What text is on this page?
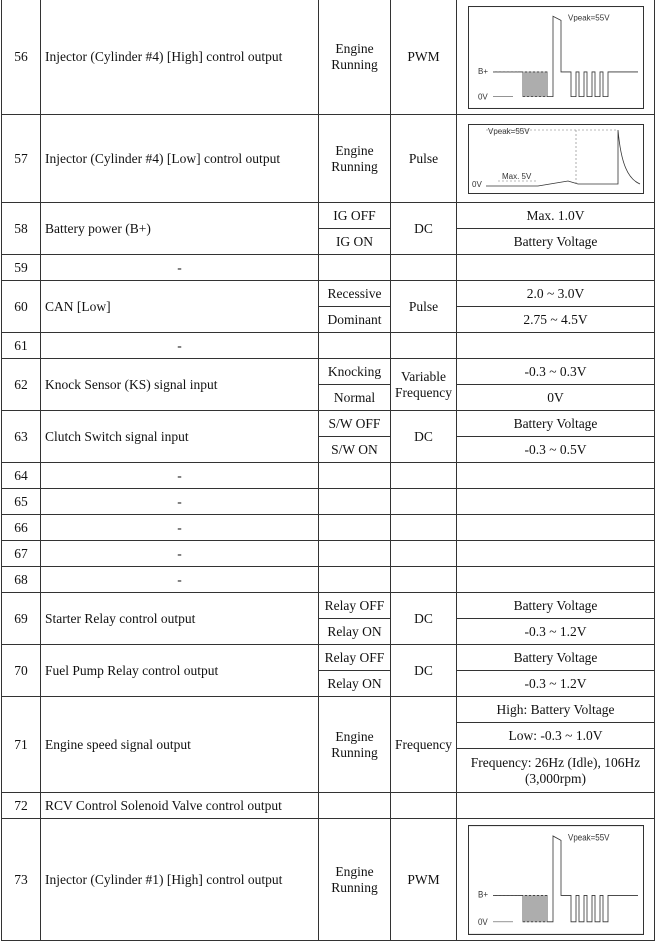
56	Injector (Cylinder #4) [High] control output	Engine
Running	PWM	Vpeak=55V
B+
0V

57	Injector (Cylinder #4) [Low] control output	Engine
Running	Pulse	Vpeak=55V
Max. 5V
0V

58	Battery power (B+)	IG OFF	DC	Max. 1.0V
		IG ON		Battery Voltage
59	-			
60	CAN [Low]	Recessive	Pulse	2.0 ~ 3.0V
		Dominant		2.75 ~ 4.5V
61	-			
62	Knock Sensor (KS) signal input	Knocking	Variable
Frequency	-0.3 ~ 0.3V
		Normal		0V
63	Clutch Switch signal input	S/W OFF	DC	Battery Voltage
		S/W ON		-0.3 ~ 0.5V
64	-			
65	-			
66	-			
67	-			
68	-			
69	Starter Relay control output	Relay OFF	DC	Battery Voltage
		Relay ON		-0.3 ~ 1.2V
70	Fuel Pump Relay control output	Relay OFF	DC	Battery Voltage
		Relay ON		-0.3 ~ 1.2V
71	Engine speed signal output	Engine
Running	Frequency	High: Battery Voltage
				Low: -0.3 ~ 1.0V
				Frequency: 26Hz (Idle), 106Hz
(3,000rpm)
72	RCV Control Solenoid Valve control output			
73	Injector (Cylinder #1) [High] control output	Engine
Running	PWM	Vpeak=55V
B+
0V
